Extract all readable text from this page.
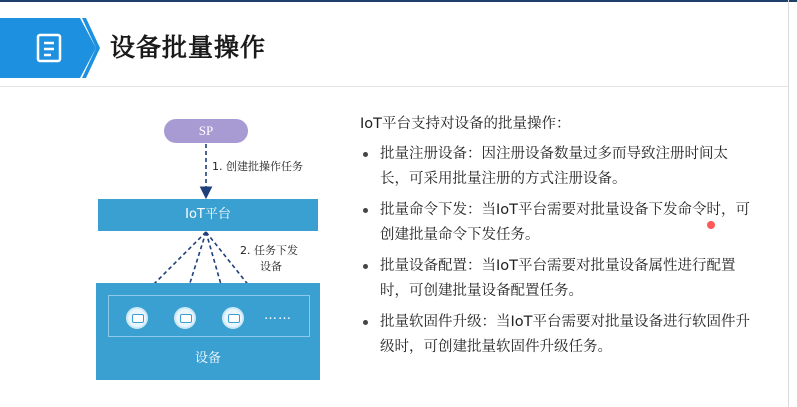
设备批量操作
SP
1. 创建批操作任务
IoT平台
2. 任务下发
设备
设备
……
IoT平台支持对设备的批量操作：
批量注册设备：因注册设备数量过多而导致注册时间太长，可采用批量注册的方式注册设备。
批量命令下发：当IoT平台需要对批量设备下发命令时，可创建批量命令下发任务。
批量设备配置：当IoT平台需要对批量设备属性进行配置时，可创建批量设备配置任务。
批量软固件升级：当IoT平台需要对批量设备进行软固件升级时，可创建批量软固件升级任务。
